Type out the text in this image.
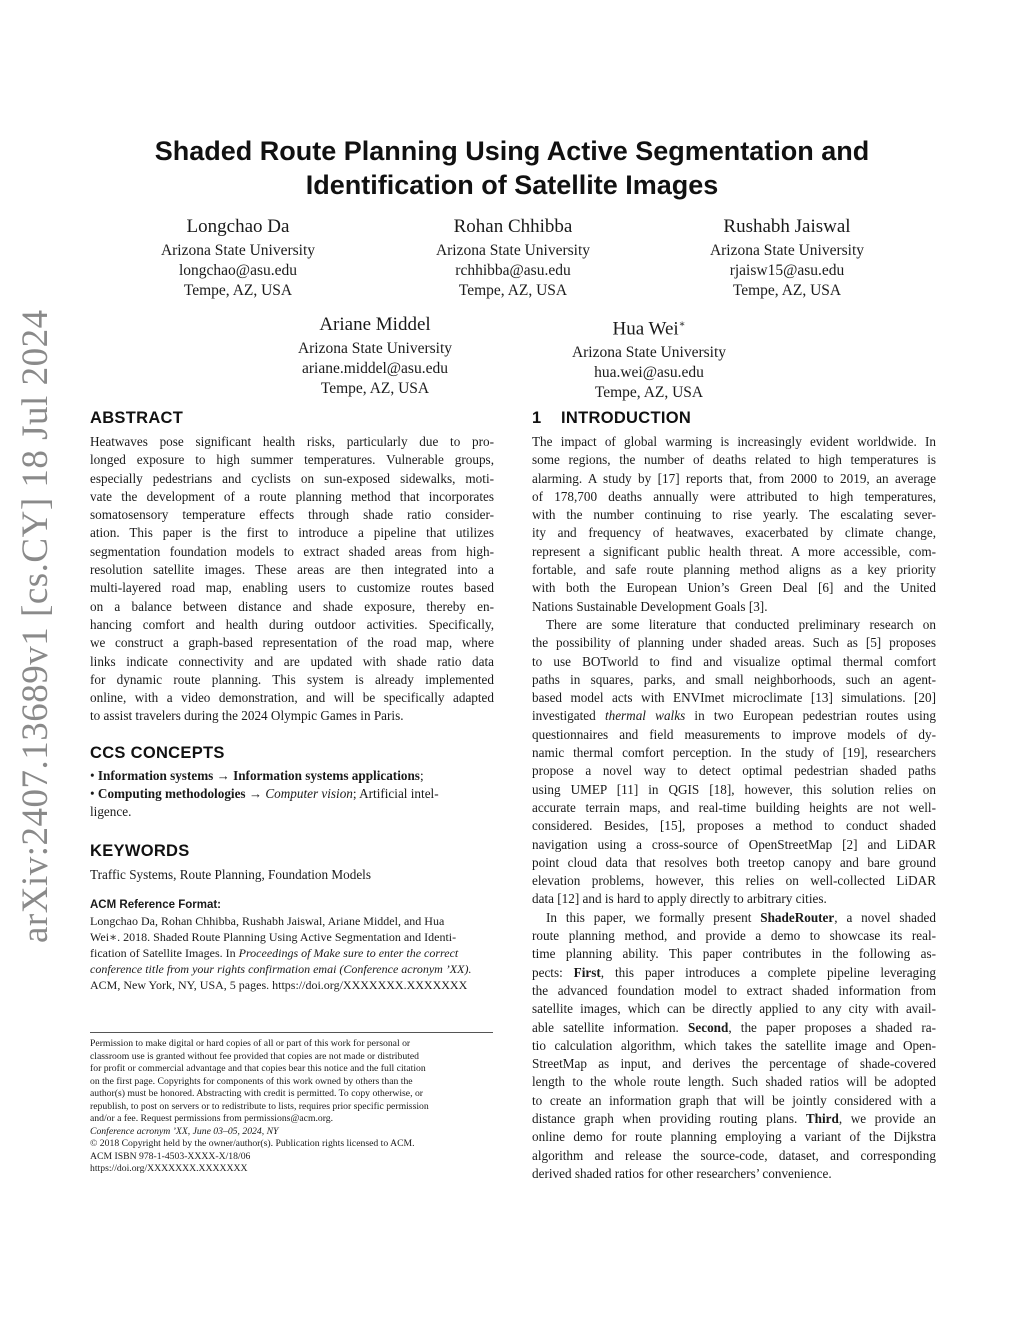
arXiv:2407.13689v1 [cs.CY] 18 Jul 2024
Shaded Route Planning Using Active Segmentation and
Identification of Satellite Images
Longchao Da
Arizona State University
longchao@asu.edu
Tempe, AZ, USA
Rohan Chhibba
Arizona State University
rchhibba@asu.edu
Tempe, AZ, USA
Rushabh Jaiswal
Arizona State University
rjaisw15@asu.edu
Tempe, AZ, USA
Ariane Middel
Arizona State University
ariane.middel@asu.edu
Tempe, AZ, USA
Hua Wei∗
Arizona State University
hua.wei@asu.edu
Tempe, AZ, USA
ABSTRACT
Heatwaves pose significant health risks, particularly due to pro-
longed exposure to high summer temperatures. Vulnerable groups,
especially pedestrians and cyclists on sun-exposed sidewalks, moti-
vate the development of a route planning method that incorporates
somatosensory temperature effects through shade ratio consider-
ation. This paper is the first to introduce a pipeline that utilizes
segmentation foundation models to extract shaded areas from high-
resolution satellite images. These areas are then integrated into a
multi-layered road map, enabling users to customize routes based
on a balance between distance and shade exposure, thereby en-
hancing comfort and health during outdoor activities. Specifically,
we construct a graph-based representation of the road map, where
links indicate connectivity and are updated with shade ratio data
for dynamic route planning. This system is already implemented
online, with a video demonstration, and will be specifically adapted
to assist travelers during the 2024 Olympic Games in Paris.
CCS CONCEPTS
• Information systems → Information systems applications;
• Computing methodologies → Computer vision; Artificial intel-
ligence.
KEYWORDS
Traffic Systems, Route Planning, Foundation Models
ACM Reference Format:
Longchao Da, Rohan Chhibba, Rushabh Jaiswal, Ariane Middel, and Hua
Wei∗. 2018. Shaded Route Planning Using Active Segmentation and Identi-
fication of Satellite Images. In Proceedings of Make sure to enter the correct
conference title from your rights confirmation emai (Conference acronym ’XX).
ACM, New York, NY, USA, 5 pages. https://doi.org/XXXXXXX.XXXXXXX
Permission to make digital or hard copies of all or part of this work for personal or
classroom use is granted without fee provided that copies are not made or distributed
for profit or commercial advantage and that copies bear this notice and the full citation
on the first page. Copyrights for components of this work owned by others than the
author(s) must be honored. Abstracting with credit is permitted. To copy otherwise, or
republish, to post on servers or to redistribute to lists, requires prior specific permission
and/or a fee. Request permissions from permissions@acm.org.
Conference acronym ’XX, June 03–05, 2024, NY
© 2018 Copyright held by the owner/author(s). Publication rights licensed to ACM.
ACM ISBN 978-1-4503-XXXX-X/18/06
https://doi.org/XXXXXXX.XXXXXXX
1    INTRODUCTION
The impact of global warming is increasingly evident worldwide. In
some regions, the number of deaths related to high temperatures is
alarming. A study by [17] reports that, from 2000 to 2019, an average
of 178,700 deaths annually were attributed to high temperatures,
with the number continuing to rise yearly. The escalating sever-
ity and frequency of heatwaves, exacerbated by climate change,
represent a significant public health threat. A more accessible, com-
fortable, and safe route planning method aligns as a key priority
with both the European Union’s Green Deal [6] and the United
Nations Sustainable Development Goals [3].
There are some literature that conducted preliminary research on
the possibility of planning under shaded areas. Such as [5] proposes
to use BOTworld to find and visualize optimal thermal comfort
paths in squares, parks, and small neighborhoods, such an agent-
based model acts with ENVImet microclimate [13] simulations. [20]
investigated thermal walks in two European pedestrian routes using
questionnaires and field measurements to improve models of dy-
namic thermal comfort perception. In the study of [19], researchers
propose a novel way to detect optimal pedestrian shaded paths
using UMEP [11] in QGIS [18], however, this solution relies on
accurate terrain maps, and real-time building heights are not well-
considered. Besides, [15], proposes a method to conduct shaded
navigation using a cross-source of OpenStreetMap [2] and LiDAR
point cloud data that resolves both treetop canopy and bare ground
elevation problems, however, this relies on well-collected LiDAR
data [12] and is hard to apply directly to arbitrary cities.
In this paper, we formally present ShadeRouter, a novel shaded
route planning method, and provide a demo to showcase its real-
time planning ability. This paper contributes in the following as-
pects: First, this paper introduces a complete pipeline leveraging
the advanced foundation model to extract shaded information from
satellite images, which can be directly applied to any city with avail-
able satellite information. Second, the paper proposes a shaded ra-
tio calculation algorithm, which takes the satellite image and Open-
StreetMap as input, and derives the percentage of shade-covered
length to the whole route length. Such shaded ratios will be adopted
to create an information graph that will be jointly considered with a
distance graph when providing routing plans. Third, we provide an
online demo for route planning employing a variant of the Dijkstra
algorithm and release the source-code, dataset, and corresponding
derived shaded ratios for other researchers’ convenience.
